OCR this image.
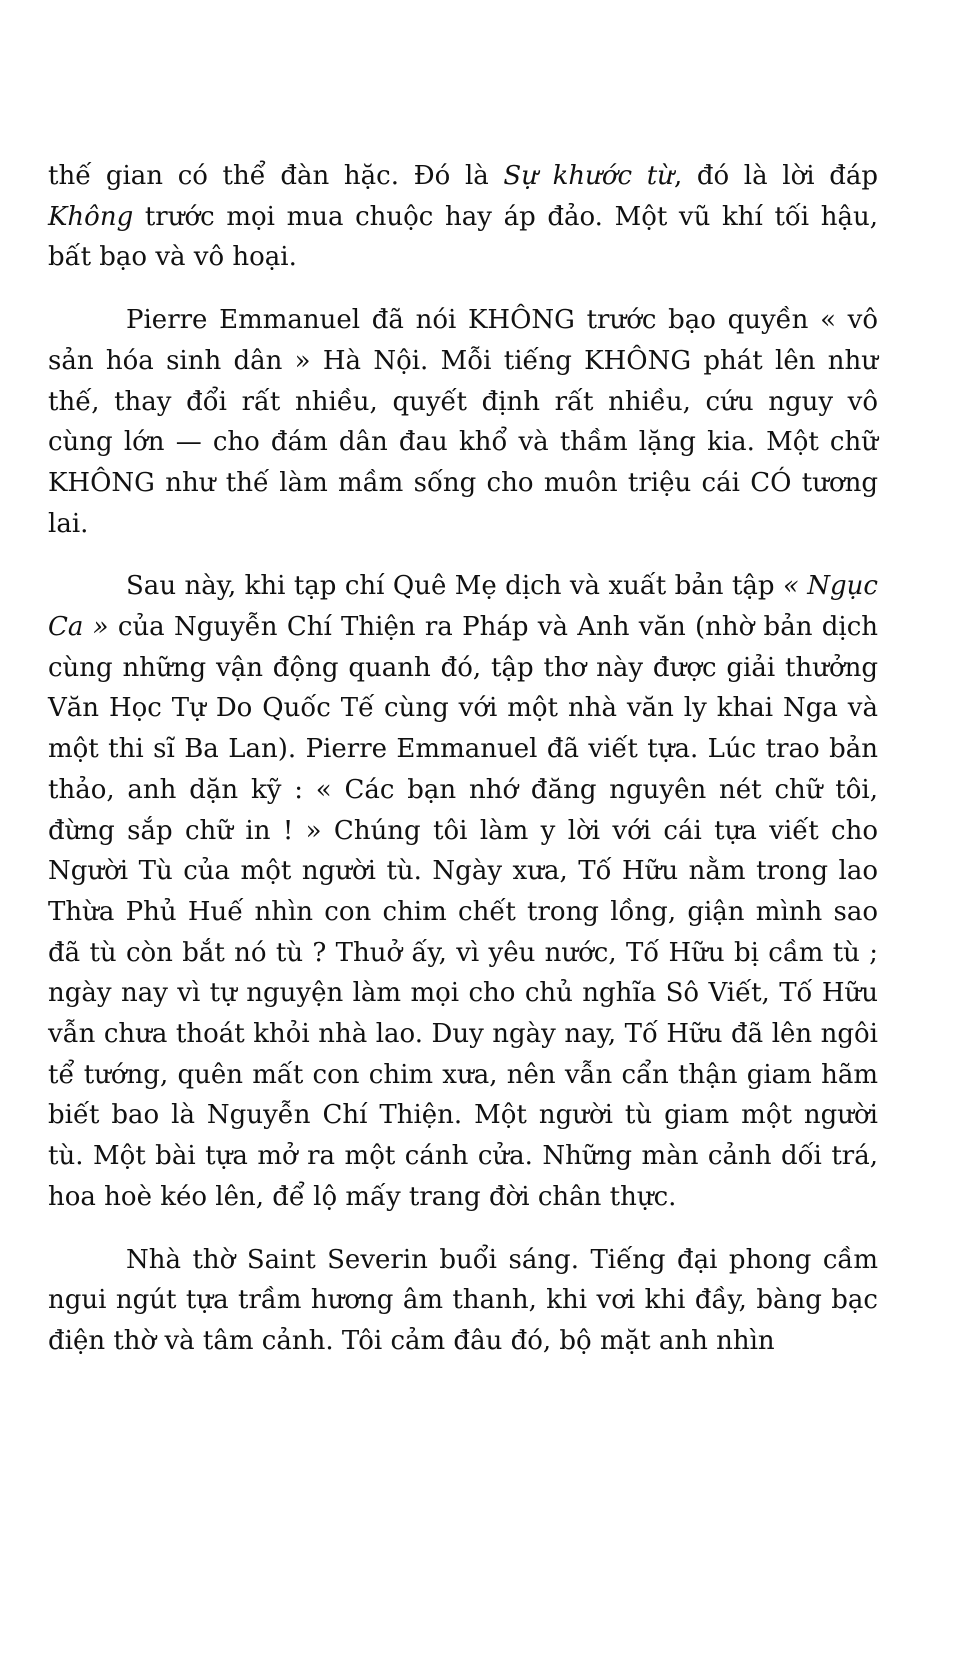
thế gian có thể đàn hặc. Đó là Sự khước từ, đó là lời đáp Không trước mọi mua chuộc hay áp đảo. Một vũ khí tối hậu, bất bạo và vô hoại.

Pierre Emmanuel đã nói KHÔNG trước bạo quyền « vô sản hóa sinh dân » Hà Nội. Mỗi tiếng KHÔNG phát lên như thế, thay đổi rất nhiều, quyết định rất nhiều, cứu nguy vô cùng lớn — cho đám dân đau khổ và thầm lặng kia. Một chữ KHÔNG như thế làm mầm sống cho muôn triệu cái CÓ tương lai.

Sau này, khi tạp chí Quê Mẹ dịch và xuất bản tập « Ngục Ca » của Nguyễn Chí Thiện ra Pháp và Anh văn (nhờ bản dịch cùng những vận động quanh đó, tập thơ này được giải thưởng Văn Học Tự Do Quốc Tế cùng với một nhà văn ly khai Nga và một thi sĩ Ba Lan). Pierre Emmanuel đã viết tựa. Lúc trao bản thảo, anh dặn kỹ : « Các bạn nhớ đăng nguyên nét chữ tôi, đừng sắp chữ in ! » Chúng tôi làm y lời với cái tựa viết cho Người Tù của một người tù. Ngày xưa, Tố Hữu nằm trong lao Thừa Phủ Huế nhìn con chim chết trong lồng, giận mình sao đã tù còn bắt nó tù ? Thuở ấy, vì yêu nước, Tố Hữu bị cầm tù ; ngày nay vì tự nguyện làm mọi cho chủ nghĩa Sô Viết, Tố Hữu vẫn chưa thoát khỏi nhà lao. Duy ngày nay, Tố Hữu đã lên ngôi tể tướng, quên mất con chim xưa, nên vẫn cẩn thận giam hãm biết bao là Nguyễn Chí Thiện. Một người tù giam một người tù. Một bài tựa mở ra một cánh cửa. Những màn cảnh dối trá, hoa hoè kéo lên, để lộ mấy trang đời chân thực.

Nhà thờ Saint Severin buổi sáng. Tiếng đại phong cầm ngui ngút tựa trầm hương âm thanh, khi vơi khi đầy, bàng bạc điện thờ và tâm cảnh. Tôi cảm đâu đó, bộ mặt anh nhìn
